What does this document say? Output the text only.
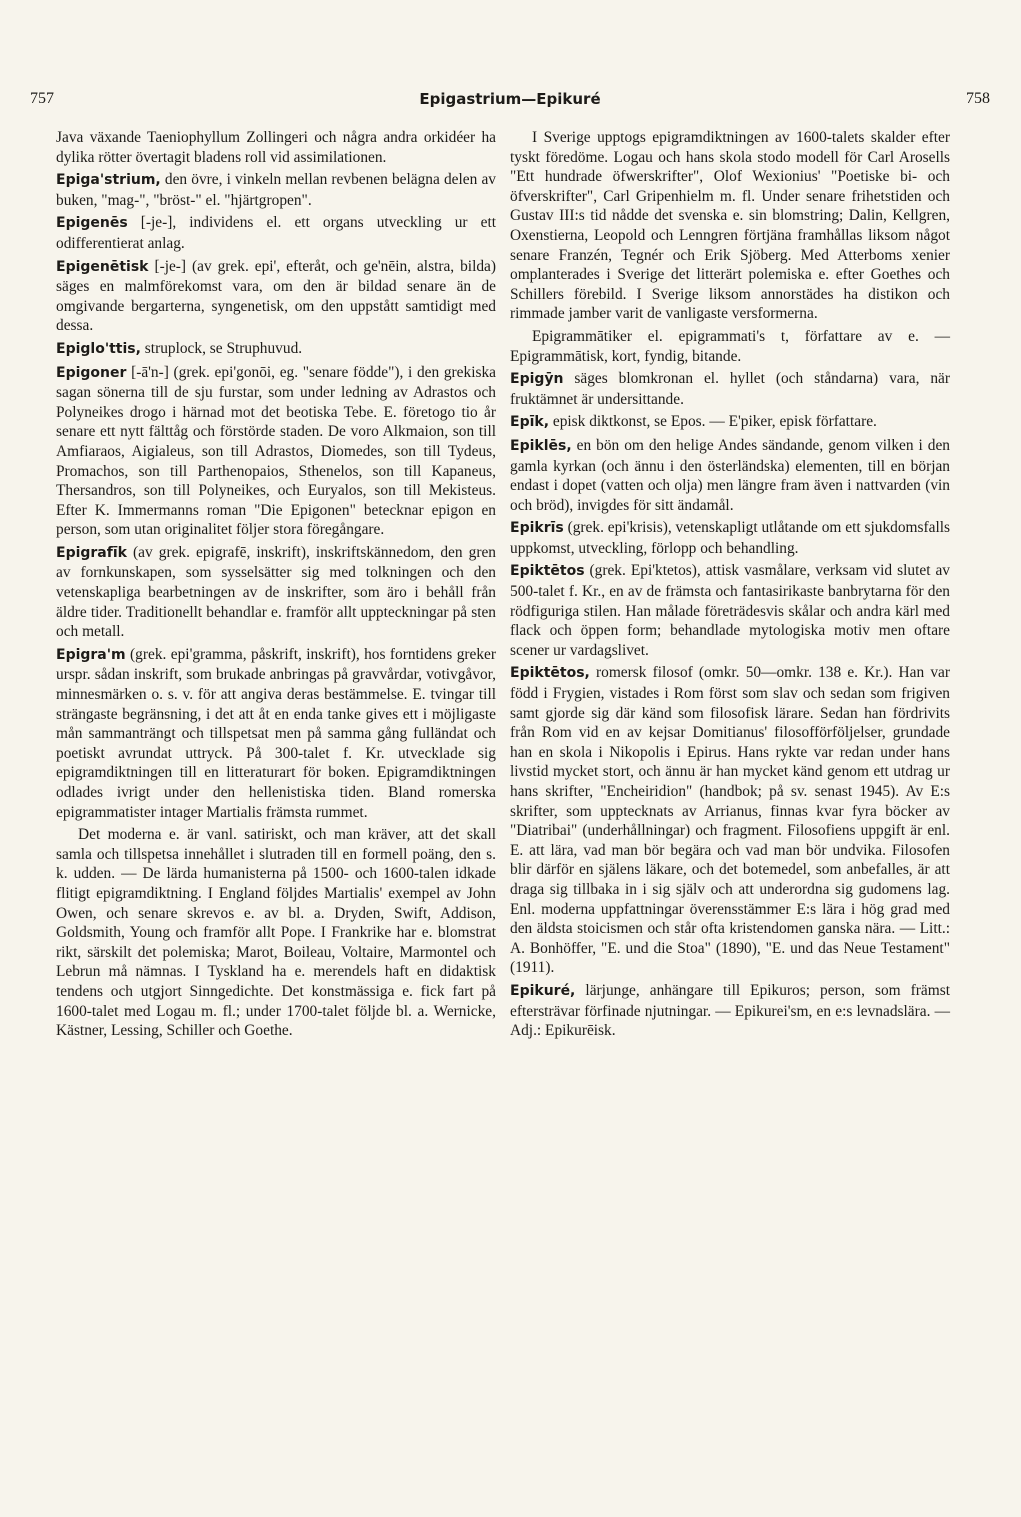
757	Epigastrium—Epikuré	758

Java växande Taeniophyllum Zollingeri och några andra orkidéer ha dylika rötter övertagit bladens roll vid assimilationen.

Epiga'strium, den övre, i vinkeln mellan revbenen belägna delen av buken, "mag-", "bröst-" el. "hjärtgropen".

Epigenēs [-je-], individens el. ett organs utveckling ur ett odifferentierat anlag.

Epigenētisk [-je-] (av grek. epi', efteråt, och ge'nēin, alstra, bilda) säges en malmförekomst vara, om den är bildad senare än de omgivande bergarterna, syngenetisk, om den uppstått samtidigt med dessa.

Epiglo'ttis, struplock, se Struphuvud.

Epigoner [-ā'n-] (grek. epi'gonōi, eg. "senare födde"), i den grekiska sagan sönerna till de sju furstar, som under ledning av Adrastos och Polyneikes drogo i härnad mot det beotiska Tebe. E. företogo tio år senare ett nytt fälttåg och förstörde staden. De voro Alkmaion, son till Amfiaraos, Aigialeus, son till Adrastos, Diomedes, son till Tydeus, Promachos, son till Parthenopaios, Sthenelos, son till Kapaneus, Thersandros, son till Polyneikes, och Euryalos, son till Mekisteus. Efter K. Immermanns roman "Die Epigonen" betecknar epigon en person, som utan originalitet följer stora föregångare.

Epigrafīk (av grek. epigrafē, inskrift), inskriftskännedom, den gren av fornkunskapen, som sysselsätter sig med tolkningen och den vetenskapliga bearbetningen av de inskrifter, som äro i behåll från äldre tider. Traditionellt behandlar e. framför allt uppteckningar på sten och metall.

Epigra'm (grek. epi'gramma, påskrift, inskrift), hos forntidens greker urspr. sådan inskrift, som brukade anbringas på gravvårdar, votivgåvor, minnesmärken o. s. v. för att angiva deras bestämmelse. E. tvingar till strängaste begränsning, i det att åt en enda tanke gives ett i möjligaste mån sammanträngt och tillspetsat men på samma gång fulländat och poetiskt avrundat uttryck. På 300-talet f. Kr. utvecklade sig epigramdiktningen till en litteraturart för boken. Epigramdiktningen odlades ivrigt under den hellenistiska tiden. Bland romerska epigrammatister intager Martialis främsta rummet.

Det moderna e. är vanl. satiriskt, och man kräver, att det skall samla och tillspetsa innehållet i slutraden till en formell poäng, den s. k. udden. — De lärda humanisterna på 1500- och 1600-talen idkade flitigt epigramdiktning. I England följdes Martialis' exempel av John Owen, och senare skrevos e. av bl. a. Dryden, Swift, Addison, Goldsmith, Young och framför allt Pope. I Frankrike har e. blomstrat rikt, särskilt det polemiska; Marot, Boileau, Voltaire, Marmontel och Lebrun må nämnas. I Tyskland ha e. merendels haft en didaktisk tendens och utgjort Sinngedichte. Det konstmässiga e. fick fart på 1600-talet med Logau m. fl.; under 1700-talet följde bl. a. Wernicke, Kästner, Lessing, Schiller och Goethe.

I Sverige upptogs epigramdiktningen av 1600-talets skalder efter tyskt föredöme. Logau och hans skola stodo modell för Carl Arosells "Ett hundrade öfwerskrifter", Olof Wexionius' "Poetiske bi- och öfverskrifter", Carl Gripenhielm m. fl. Under senare frihetstiden och Gustav III:s tid nådde det svenska e. sin blomstring; Dalin, Kellgren, Oxenstierna, Leopold och Lenngren förtjäna framhållas liksom något senare Franzén, Tegnér och Erik Sjöberg. Med Atterboms xenier omplanterades i Sverige det litterärt polemiska e. efter Goethes och Schillers förebild. I Sverige liksom annorstädes ha distikon och rimmade jamber varit de vanligaste versformerna.

Epigrammātiker el. epigrammati's t, författare av e. — Epigrammātisk, kort, fyndig, bitande.

Epigȳn säges blomkronan el. hyllet (och ståndarna) vara, när fruktämnet är undersittande.

Epīk, episk diktkonst, se Epos. — E'piker, episk författare.

Epiklēs, en bön om den helige Andes sändande, genom vilken i den gamla kyrkan (och ännu i den österländska) elementen, till en början endast i dopet (vatten och olja) men längre fram även i nattvarden (vin och bröd), invigdes för sitt ändamål.

Epikrīs (grek. epi'krisis), vetenskapligt utlåtande om ett sjukdomsfalls uppkomst, utveckling, förlopp och behandling.

Epiktētos (grek. Epi'ktetos), attisk vasmålare, verksam vid slutet av 500-talet f. Kr., en av de främsta och fantasirikaste banbrytarna för den rödfiguriga stilen. Han målade företrädesvis skålar och andra kärl med flack och öppen form; behandlade mytologiska motiv men oftare scener ur vardagslivet.

Epiktētos, romersk filosof (omkr. 50—omkr. 138 e. Kr.). Han var född i Frygien, vistades i Rom först som slav och sedan som frigiven samt gjorde sig där känd som filosofisk lärare. Sedan han fördrivits från Rom vid en av kejsar Domitianus' filosofförföljelser, grundade han en skola i Nikopolis i Epirus. Hans rykte var redan under hans livstid mycket stort, och ännu är han mycket känd genom ett utdrag ur hans skrifter, "Encheiridion" (handbok; på sv. senast 1945). Av E:s skrifter, som upptecknats av Arrianus, finnas kvar fyra böcker av "Diatribai" (underhållningar) och fragment. Filosofiens uppgift är enl. E. att lära, vad man bör begära och vad man bör undvika. Filosofen blir därför en själens läkare, och det botemedel, som anbefalles, är att draga sig tillbaka in i sig själv och att underordna sig gudomens lag. Enl. moderna uppfattningar överensstämmer E:s lära i hög grad med den äldsta stoicismen och står ofta kristendomen ganska nära. — Litt.: A. Bonhöffer, "E. und die Stoa" (1890), "E. und das Neue Testament" (1911).

Epikuré, lärjunge, anhängare till Epikuros; person, som främst eftersträvar förfinade njutningar. — Epikurei'sm, en e:s levnadslära. — Adj.: Epikurēisk.
